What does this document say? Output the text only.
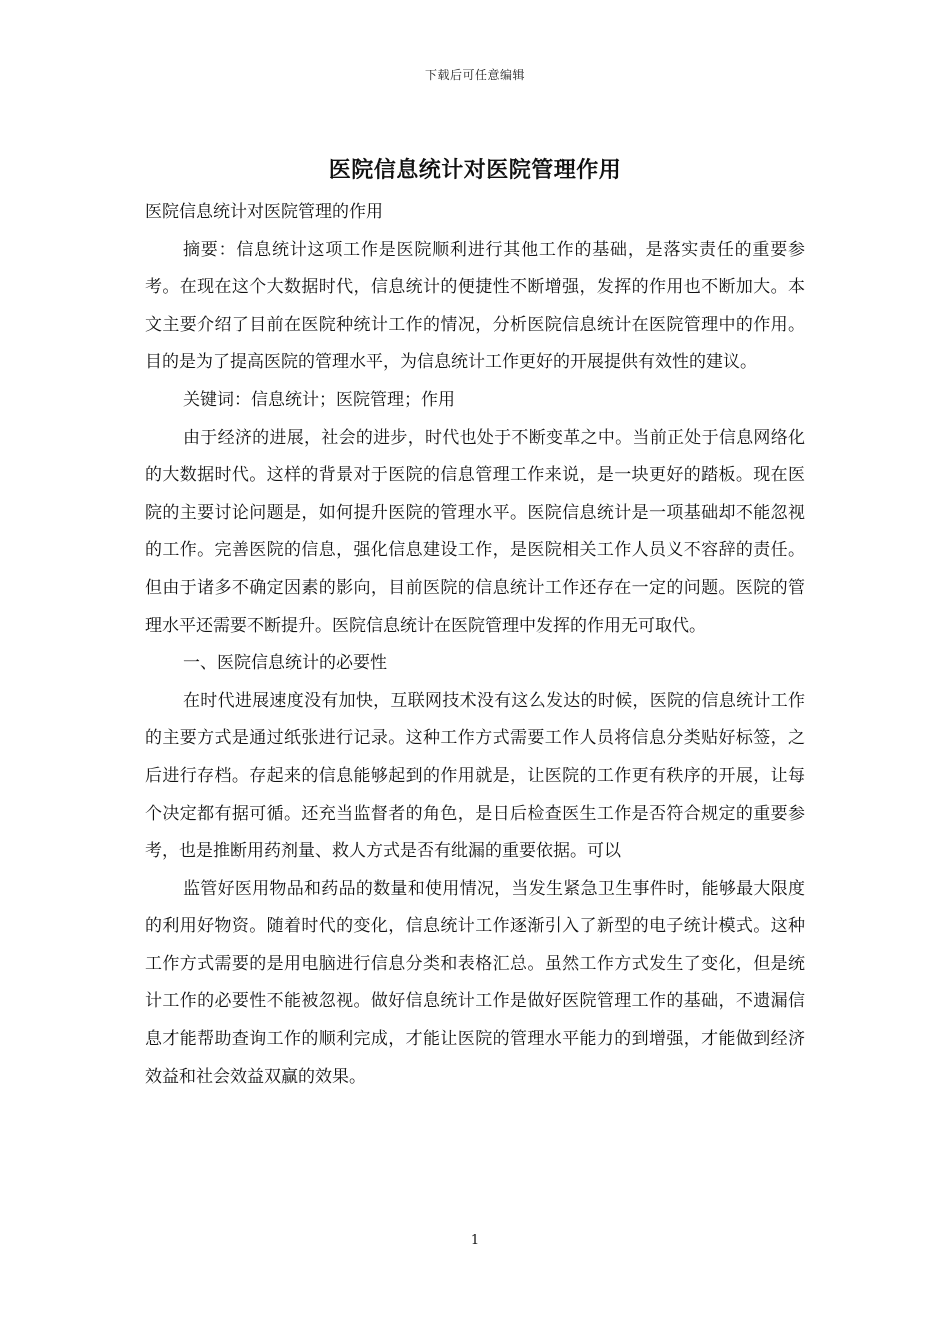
下载后可任意编辑
医院信息统计对医院管理作用

医院信息统计对医院管理的作用

摘要：信息统计这项工作是医院顺利进行其他工作的基础，是落实责任的重要参考。在现在这个大数据时代，信息统计的便捷性不断增强，发挥的作用也不断加大。本文主要介绍了目前在医院种统计工作的情况，分析医院信息统计在医院管理中的作用。目的是为了提高医院的管理水平，为信息统计工作更好的开展提供有效性的建议。

关键词：信息统计；医院管理；作用

由于经济的进展，社会的进步，时代也处于不断变革之中。当前正处于信息网络化的大数据时代。这样的背景对于医院的信息管理工作来说，是一块更好的踏板。现在医院的主要讨论问题是，如何提升医院的管理水平。医院信息统计是一项基础却不能忽视的工作。完善医院的信息，强化信息建设工作，是医院相关工作人员义不容辞的责任。但由于诸多不确定因素的影向，目前医院的信息统计工作还存在一定的问题。医院的管理水平还需要不断提升。医院信息统计在医院管理中发挥的作用无可取代。

一、医院信息统计的必要性

在时代进展速度没有加快，互联网技术没有这么发达的时候，医院的信息统计工作的主要方式是通过纸张进行记录。这种工作方式需要工作人员将信息分类贴好标签，之后进行存档。存起来的信息能够起到的作用就是，让医院的工作更有秩序的开展，让每个决定都有据可循。还充当监督者的角色，是日后检查医生工作是否符合规定的重要参考，也是推断用药剂量、救人方式是否有纰漏的重要依据。可以

监管好医用物品和药品的数量和使用情况，当发生紧急卫生事件时，能够最大限度的利用好物资。随着时代的变化，信息统计工作逐渐引入了新型的电子统计模式。这种工作方式需要的是用电脑进行信息分类和表格汇总。虽然工作方式发生了变化，但是统计工作的必要性不能被忽视。做好信息统计工作是做好医院管理工作的基础，不遗漏信息才能帮助查询工作的顺利完成，才能让医院的管理水平能力的到增强，才能做到经济效益和社会效益双赢的效果。

1
